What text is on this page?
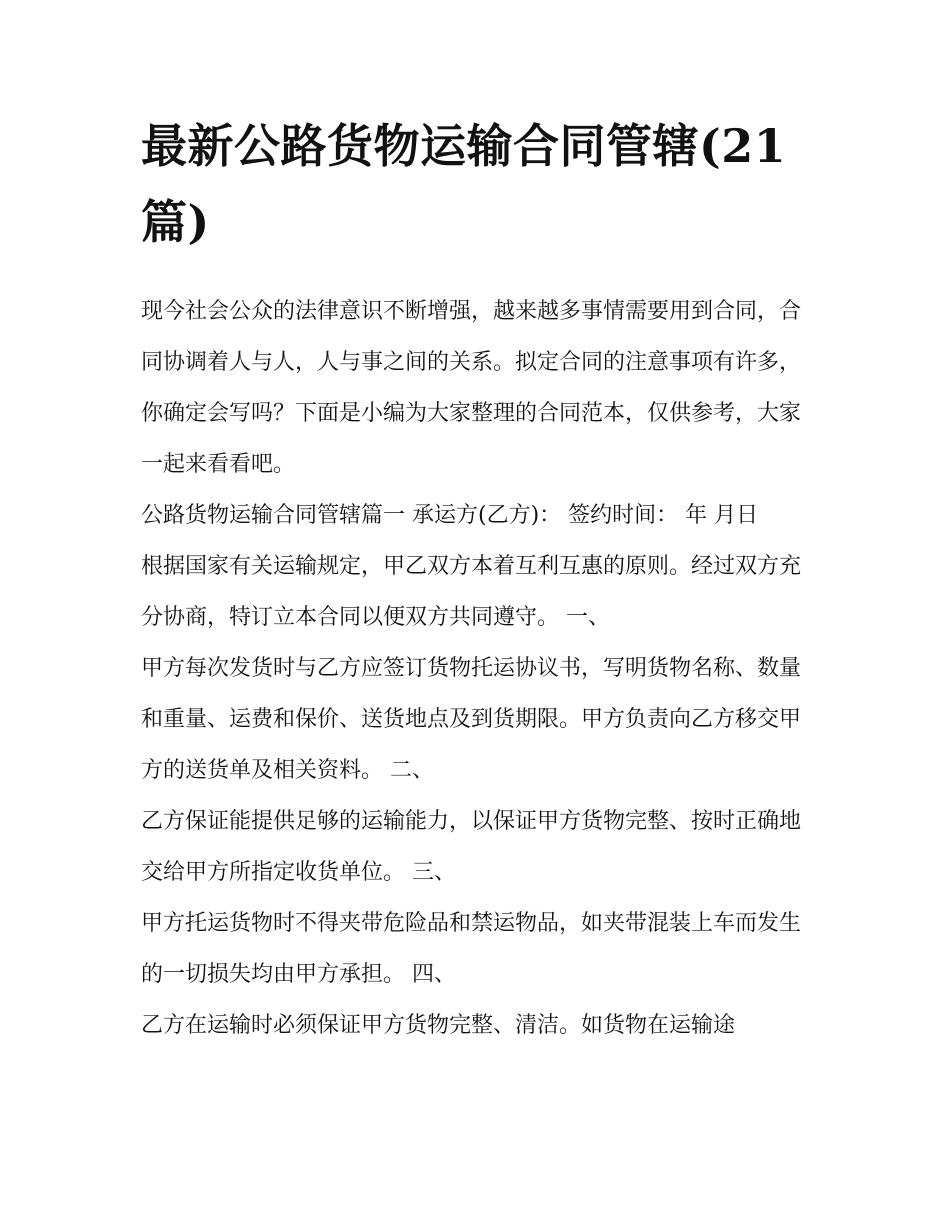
最新公路货物运输合同管辖(21篇)

现今社会公众的法律意识不断增强，越来越多事情需要用到合同，合同协调着人与人，人与事之间的关系。拟定合同的注意事项有许多，你确定会写吗？下面是小编为大家整理的合同范本，仅供参考，大家一起来看看吧。

公路货物运输合同管辖篇一 承运方(乙方)： 签约时间： 年 月日

根据国家有关运输规定，甲乙双方本着互利互惠的原则。经过双方充分协商，特订立本合同以便双方共同遵守。 一、

甲方每次发货时与乙方应签订货物托运协议书，写明货物名称、数量和重量、运费和保价、送货地点及到货期限。甲方负责向乙方移交甲方的送货单及相关资料。 二、

乙方保证能提供足够的运输能力，以保证甲方货物完整、按时正确地交给甲方所指定收货单位。 三、

甲方托运货物时不得夹带危险品和禁运物品，如夹带混装上车而发生的一切损失均由甲方承担。 四、

乙方在运输时必须保证甲方货物完整、清洁。如货物在运输途
